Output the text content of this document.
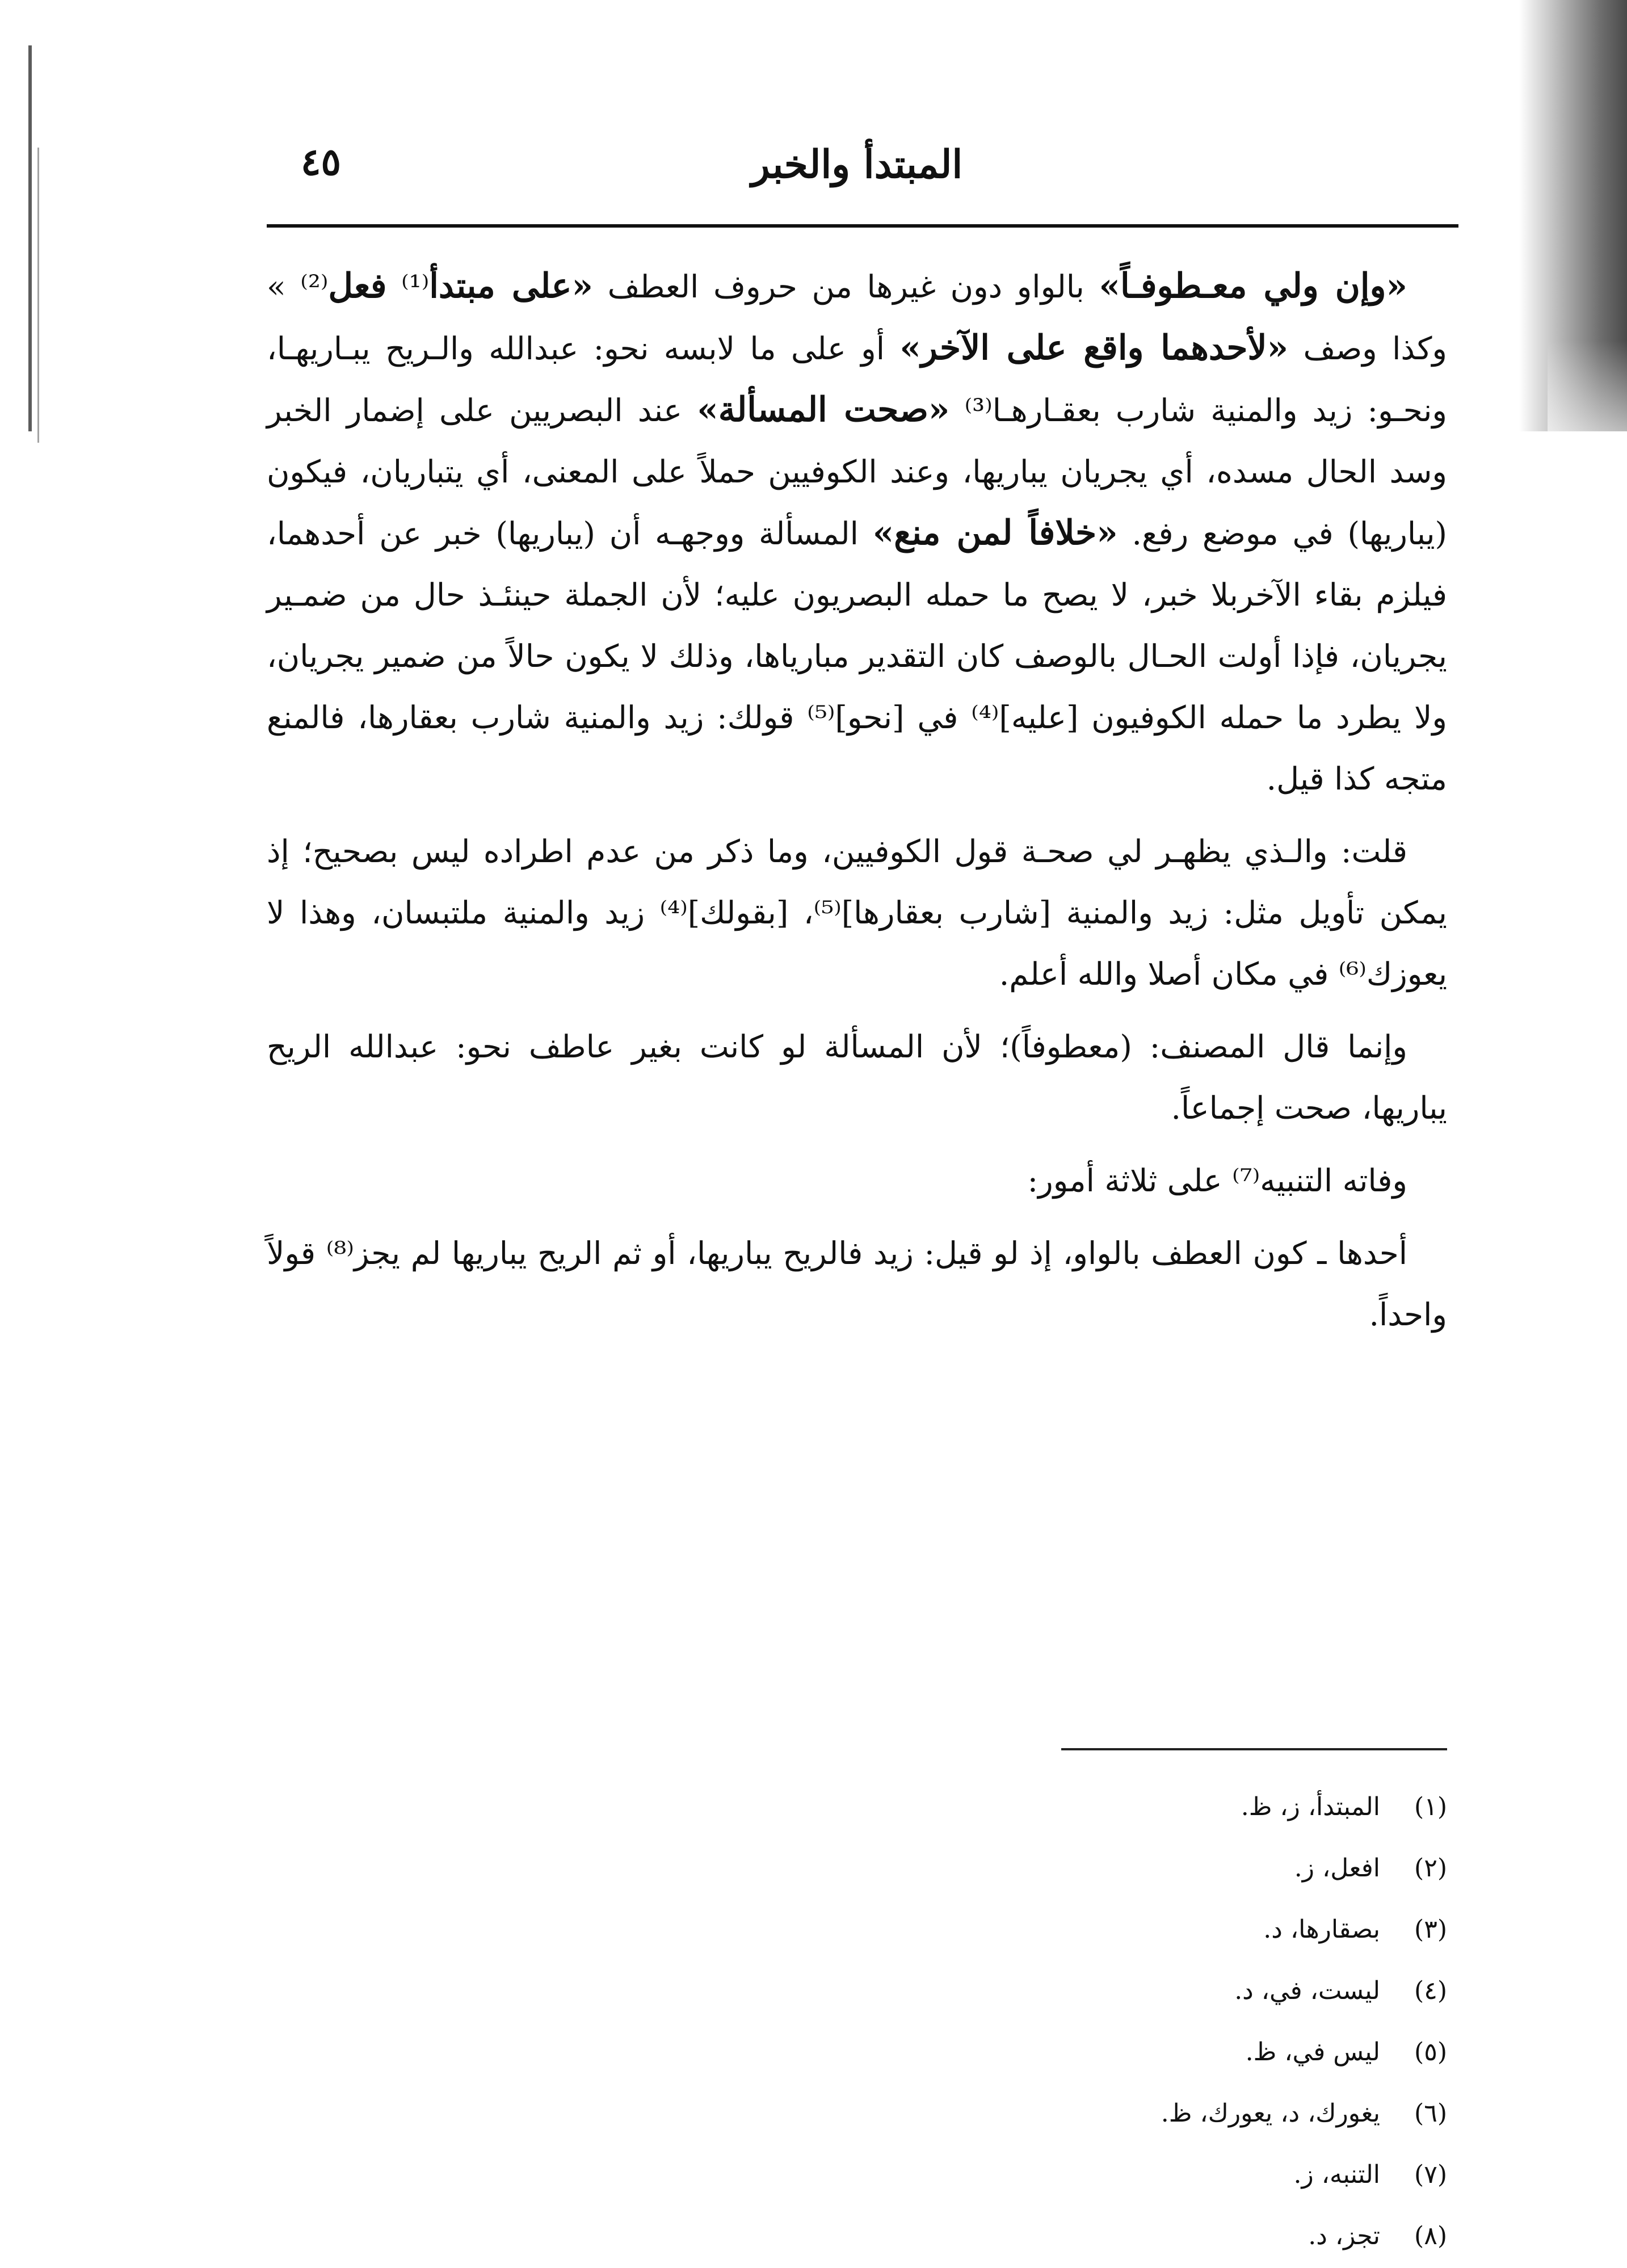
المبتدأ والخبر
٤٥

«وإن ولي معـطوفـاً» بالواو دون غيرها من حروف العطف «على مبتدأ⁽¹⁾ فعل⁽²⁾ » وكذا وصف «لأحدهما واقع على الآخر» أو على ما لابسه نحو: عبدالله والـريح يبـاريهـا، ونحـو: زيد والمنية شارب بعقـارهـا⁽³⁾ «صحت المسألة» عند البصريين على إضمار الخبر وسد الحال مسده، أي يجريان يباريها، وعند الكوفيين حملاً على المعنى، أي يتباريان، فيكون (يباريها) في موضع رفع. «خلافاً لمن منع» المسألة ووجهـه أن (يباريها) خبر عن أحدهما، فيلزم بقاء الآخربلا خبر، لا يصح ما حمله البصريون عليه؛ لأن الجملة حينئـذ حال من ضمـير يجريان، فإذا أولت الحـال بالوصف كان التقدير مبارياها، وذلك لا يكون حالاً من ضمير يجريان، ولا يطرد ما حمله الكوفيون [عليه]⁽⁴⁾ في [نحو]⁽⁵⁾ قولك: زيد والمنية شارب بعقارها، فالمنع متجه كذا قيل.

قلت: والـذي يظهـر لي صحـة قول الكوفيين، وما ذكر من عدم اطراده ليس بصحيح؛ إذ يمكن تأويل مثل: زيد والمنية [شارب بعقارها]⁽⁵⁾، [بقولك]⁽⁴⁾ زيد والمنية ملتبسان، وهذا لا يعوزك⁽⁶⁾ في مكان أصلا والله أعلم.

وإنما قال المصنف: (معطوفاً)؛ لأن المسألة لو كانت بغير عاطف نحو: عبدالله الريح يباريها، صحت إجماعاً.

وفاته التنبيه⁽⁷⁾ على ثلاثة أمور:

أحدها ـ كون العطف بالواو، إذ لو قيل: زيد فالريح يباريها، أو ثم الريح يباريها لم يجز⁽⁸⁾ قولاً واحداً.

(١)
المبتدأ، ز، ظ.
(٢)
افعل، ز.
(٣)
بصقارها، د.
(٤)
ليست، في، د.
(٥)
ليس في، ظ.
(٦)
يغورك، د، يعورك، ظ.
(٧)
التنبه، ز.
(٨)
تجز، د.
